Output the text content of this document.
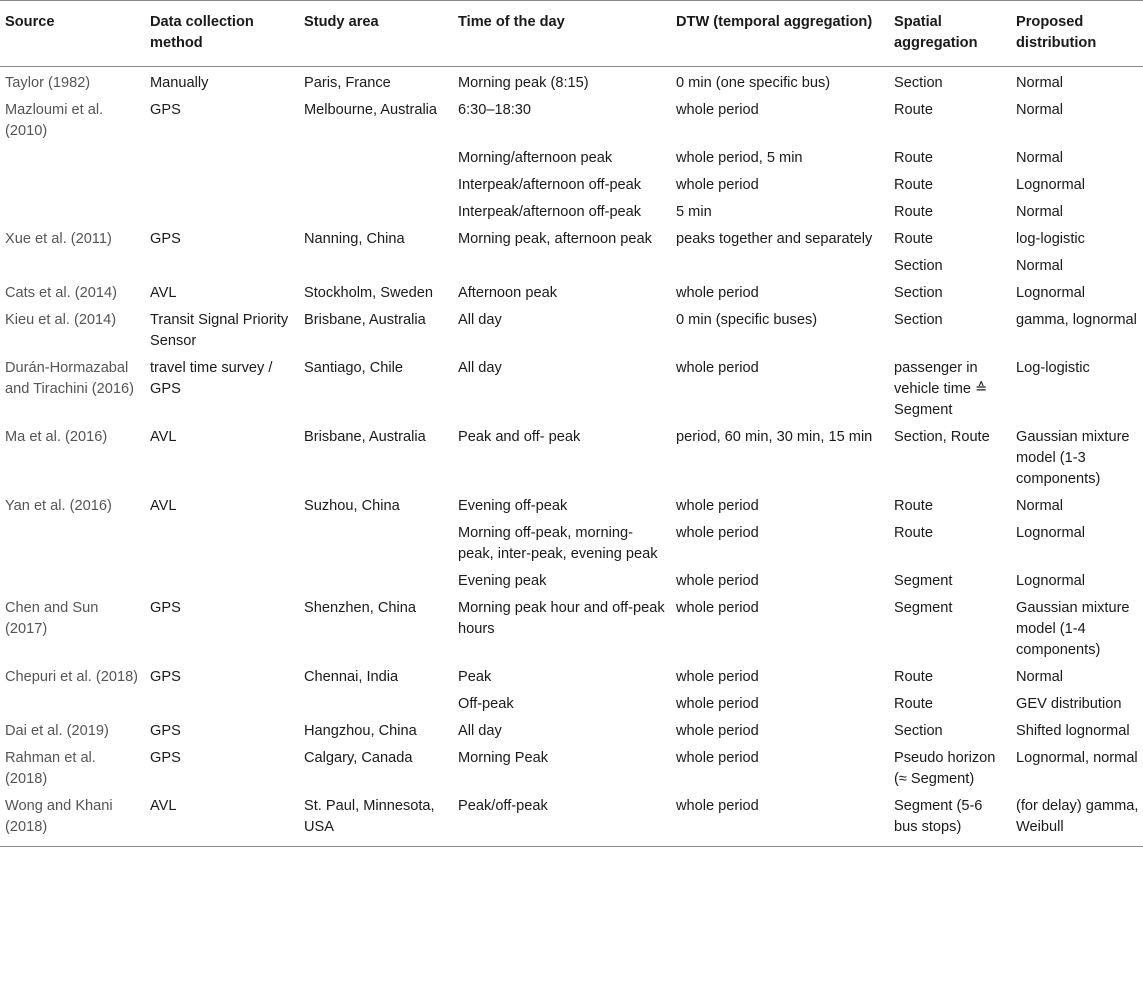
Source	Data collection method	Study area	Time of the day	DTW (temporal aggregation)	Spatial aggregation	Proposed distribution
Taylor (1982)	Manually	Paris, France	Morning peak (8:15)	0 min (one specific bus)	Section	Normal
Mazloumi et al. (2010)	GPS	Melbourne, Australia	6:30–18:30	whole period	Route	Normal
			Morning/afternoon peak	whole period, 5 min	Route	Normal
			Interpeak/afternoon off-peak	whole period	Route	Lognormal
			Interpeak/afternoon off-peak	5 min	Route	Normal
Xue et al. (2011)	GPS	Nanning, China	Morning peak, afternoon peak	peaks together and separately	Route	log-logistic
					Section	Normal
Cats et al. (2014)	AVL	Stockholm, Sweden	Afternoon peak	whole period	Section	Lognormal
Kieu et al. (2014)	Transit Signal Priority Sensor	Brisbane, Australia	All day	0 min (specific buses)	Section	gamma, lognormal
Durán-Hormazabal and Tirachini (2016)	travel time survey / GPS	Santiago, Chile	All day	whole period	passenger in vehicle time ≙ Segment	Log-logistic
Ma et al. (2016)	AVL	Brisbane, Australia	Peak and off- peak	period, 60 min, 30 min, 15 min	Section, Route	Gaussian mixture model (1-3 components)
Yan et al. (2016)	AVL	Suzhou, China	Evening off-peak	whole period	Route	Normal
			Morning off-peak, morning-peak, inter-peak, evening peak	whole period	Route	Lognormal
			Evening peak	whole period	Segment	Lognormal
Chen and Sun (2017)	GPS	Shenzhen, China	Morning peak hour and off-peak hours	whole period	Segment	Gaussian mixture model (1-4 components)
Chepuri et al. (2018)	GPS	Chennai, India	Peak	whole period	Route	Normal
			Off-peak	whole period	Route	GEV distribution
Dai et al. (2019)	GPS	Hangzhou, China	All day	whole period	Section	Shifted lognormal
Rahman et al. (2018)	GPS	Calgary, Canada	Morning Peak	whole period	Pseudo horizon (≈ Segment)	Lognormal, normal
Wong and Khani (2018)	AVL	St. Paul, Minnesota, USA	Peak/off-peak	whole period	Segment (5-6 bus stops)	(for delay) gamma, Weibull
